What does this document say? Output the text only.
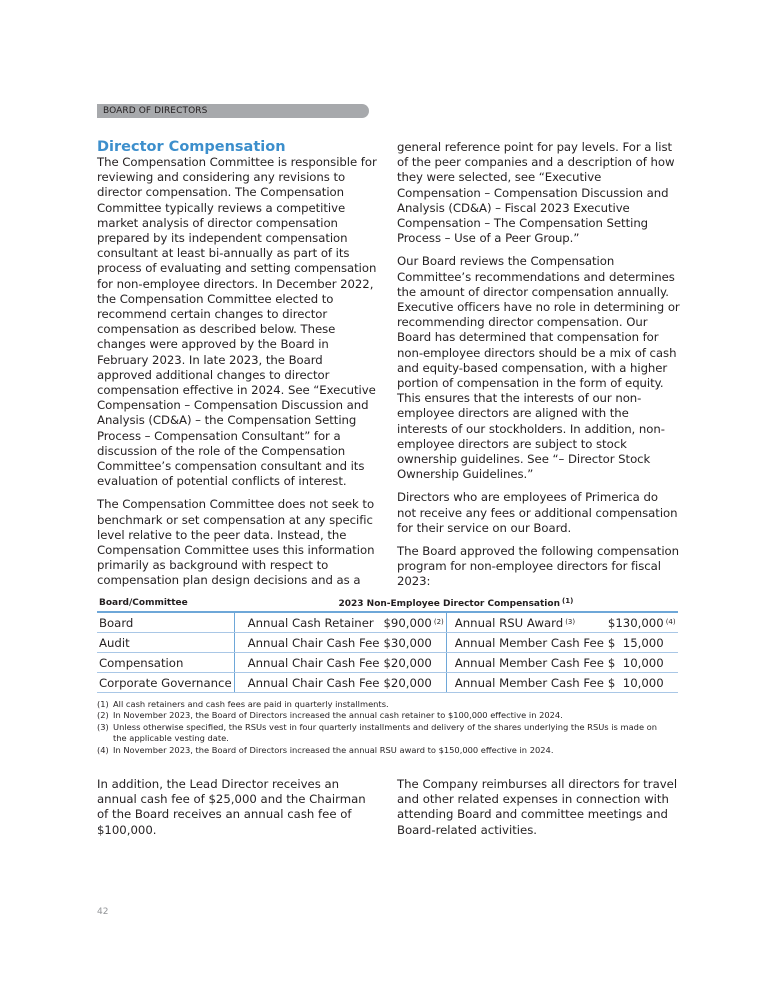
BOARD OF DIRECTORS
Director Compensation

The Compensation Committee is responsible for reviewing and considering any revisions to director compensation. The Compensation Committee typically reviews a competitive market analysis of director compensation prepared by its independent compensation consultant at least bi-annually as part of its process of evaluating and setting compensation for non-employee directors. In December 2022, the Compensation Committee elected to recommend certain changes to director compensation as described below. These changes were approved by the Board in February 2023. In late 2023, the Board approved additional changes to director compensation effective in 2024. See “Executive Compensation – Compensation Discussion and Analysis (CD&A) – the Compensation Setting Process – Compensation Consultant” for a discussion of the role of the Compensation Committee’s compensation consultant and its evaluation of potential conflicts of interest.

The Compensation Committee does not seek to benchmark or set compensation at any specific level relative to the peer data. Instead, the Compensation Committee uses this information primarily as background with respect to compensation plan design decisions and as a

general reference point for pay levels. For a list of the peer companies and a description of how they were selected, see “Executive Compensation – Compensation Discussion and Analysis (CD&A) – Fiscal 2023 Executive Compensation – The Compensation Setting Process – Use of a Peer Group.”

Our Board reviews the Compensation Committee’s recommendations and determines the amount of director compensation annually. Executive officers have no role in determining or recommending director compensation. Our Board has determined that compensation for non-employee directors should be a mix of cash and equity-based compensation, with a higher portion of compensation in the form of equity. This ensures that the interests of our non-employee directors are aligned with the interests of our stockholders. In addition, non-employee directors are subject to stock ownership guidelines. See “– Director Stock Ownership Guidelines.”

Directors who are employees of Primerica do not receive any fees or additional compensation for their service on our Board.

The Board approved the following compensation program for non-employee directors for fiscal 2023:

Board/Committee	2023 Non-Employee Director Compensation $^{(1)}$
Board	Annual Cash Retainer	$90,000 $^{(2)}$	Annual RSU Award $^{(3)}$	$130,000 $^{(4)}$
Audit	Annual Chair Cash Fee	$30,000	Annual Member Cash Fee	$  15,000
Compensation	Annual Chair Cash Fee	$20,000	Annual Member Cash Fee	$  10,000
Corporate Governance	Annual Chair Cash Fee	$20,000	Annual Member Cash Fee	$  10,000
(1) All cash retainers and cash fees are paid in quarterly installments.
(2) In November 2023, the Board of Directors increased the annual cash retainer to $100,000 effective in 2024.
(3) Unless otherwise specified, the RSUs vest in four quarterly installments and delivery of the shares underlying the RSUs is made on the applicable vesting date.
(4) In November 2023, the Board of Directors increased the annual RSU award to $150,000 effective in 2024.
In addition, the Lead Director receives an annual cash fee of $25,000 and the Chairman of the Board receives an annual cash fee of $100,000.
The Company reimburses all directors for travel and other related expenses in connection with attending Board and committee meetings and Board-related activities.
42
